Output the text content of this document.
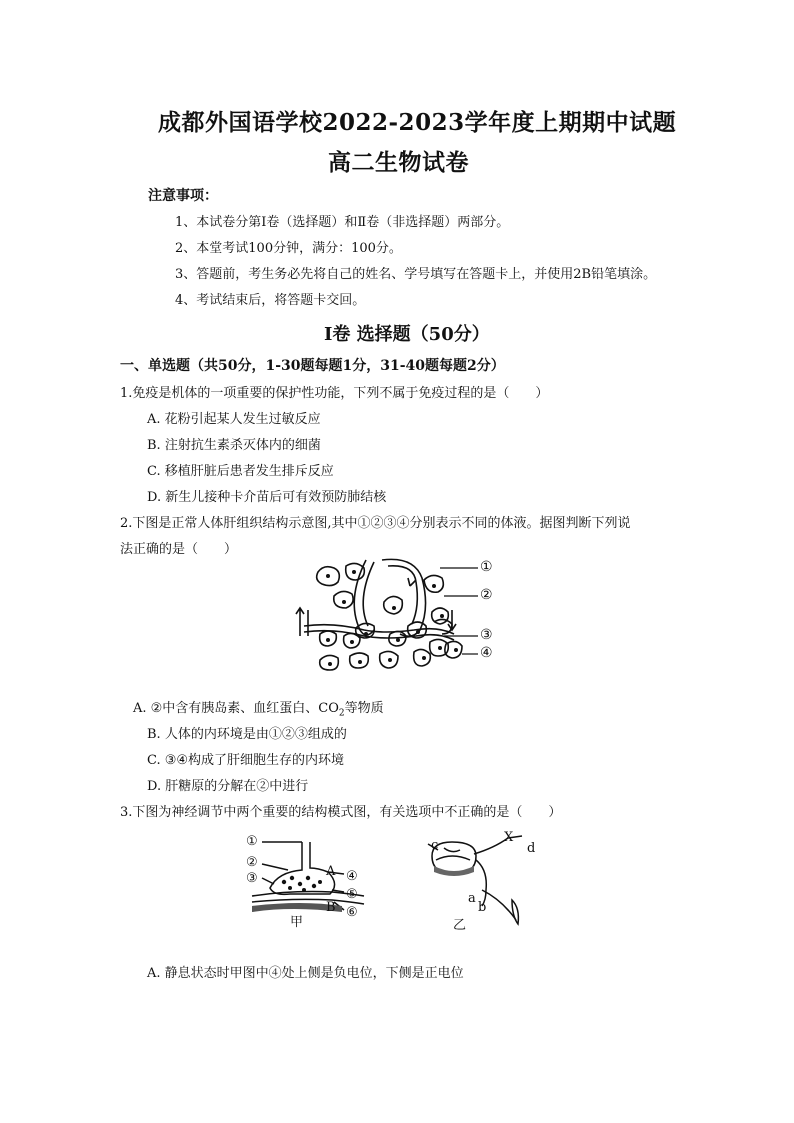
成都外国语学校2022-2023学年度上期期中试题
高二生物试卷
注意事项：
1、本试卷分第Ⅰ卷（选择题）和Ⅱ卷（非选择题）两部分。
2、本堂考试100分钟，满分：100分。
3、答题前，考生务必先将自己的姓名、学号填写在答题卡上，并使用2B铅笔填涂。
4、考试结束后，将答题卡交回。
Ⅰ卷 选择题（50分）
一、单选题（共50分，1-30题每题1分，31-40题每题2分）
1.免疫是机体的一项重要的保护性功能，下列不属于免疫过程的是（　　）
A. 花粉引起某人发生过敏反应
B. 注射抗生素杀灭体内的细菌
C. 移植肝脏后患者发生排斥反应
D. 新生儿接种卡介苗后可有效预防肺结核
2.下图是正常人体肝组织结构示意图,其中①②③④分别表示不同的体液。据图判断下列说
法正确的是（　　）
①
②
③
④
A. ②中含有胰岛素、血红蛋白、$CO_2$等物质
B. 人体的内环境是由①②③组成的
C. ③④构成了肝细胞生存的内环境
D. 肝糖原的分解在②中进行
3.下图为神经调节中两个重要的结构模式图，有关选项中不正确的是（　　）
①
②
③	④
⑤
⑥
A
B
甲
c
X
d
a
b
乙
A. 静息状态时甲图中④处上侧是负电位，下侧是正电位
